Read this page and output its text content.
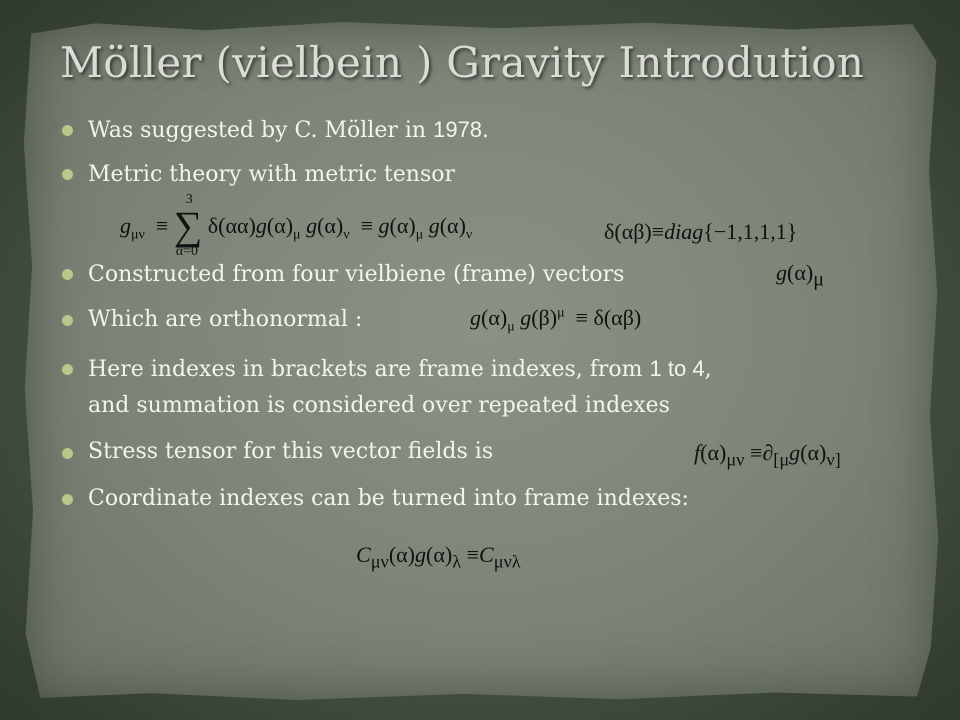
Möller (vielbein ) Gravity Introdution
Was suggested by C. Möller in 1978.
Metric theory with metric tensor
$g_{\mu\nu}$  ≡
3
∑
α=0
$\delta(\alpha\alpha)g(\alpha)_\mu$ $g(\alpha)_\nu \equiv g(\alpha)_\mu$ $g(\alpha)_\nu$	δ(αβ)≡diag{−1,1,1,1}
Constructed from four vielbiene (frame) vectors	$g(\alpha)_\mu$
Which are orthonormal :	$g(\alpha)_\mu$ $g(\beta)^\mu \equiv \delta(\alpha\beta)$
Here indexes in brackets are frame indexes, from 1 to 4,
and summation is considered over repeated indexes
Stress tensor for this vector fields is	$f(\alpha)_{\mu\nu} \equiv\partial_{[\mu}g(\alpha)_{\nu]}$
Coordinate indexes can be turned into frame indexes:
$C_{\mu\nu}(\alpha)g(\alpha)_\lambda \equiv C_{\mu\nu\lambda}$
